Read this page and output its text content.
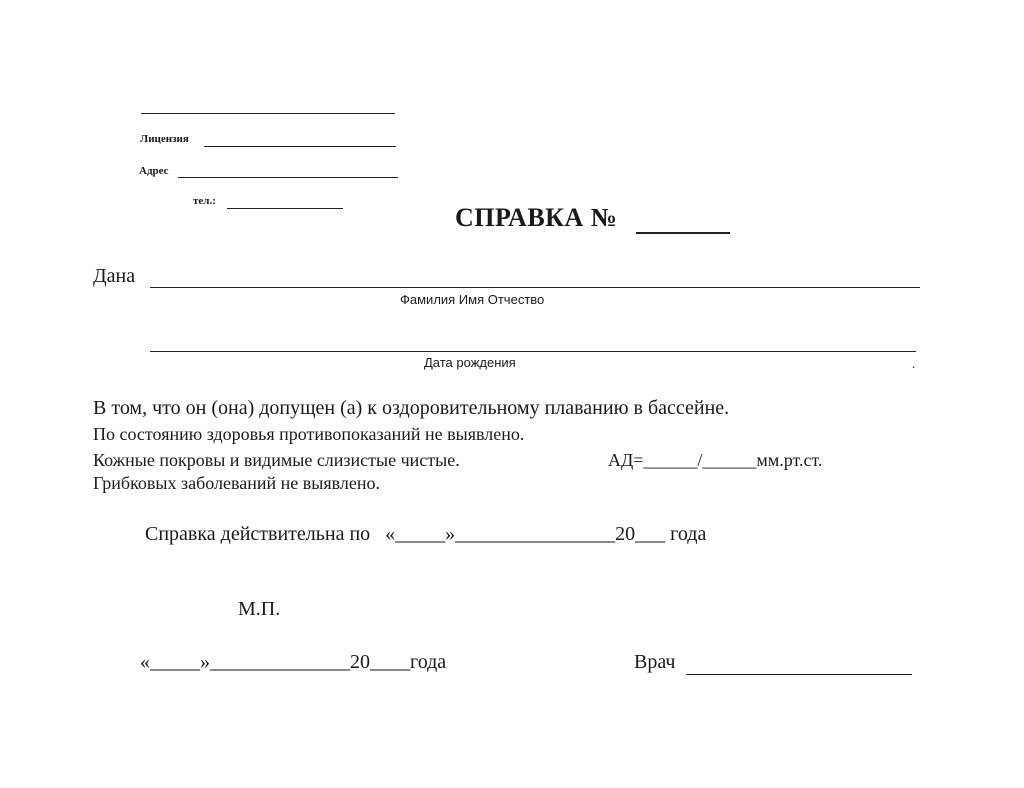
Лицензия
Адрес
тел.:
СПРАВКА №
Дана
Фамилия Имя Отчество
Дата рождения	.
В том, что он (она) допущен (а) к оздоровительному плаванию в бассейне.
По состоянию здоровья противопоказаний не выявлено.
Кожные покровы и видимые слизистые чистые.	АД=______/______мм.рт.ст.
Грибковых заболеваний не выявлено.
Справка действительна по   «_____»________________20___ года
М.П.
«_____»______________20____года	Врач
